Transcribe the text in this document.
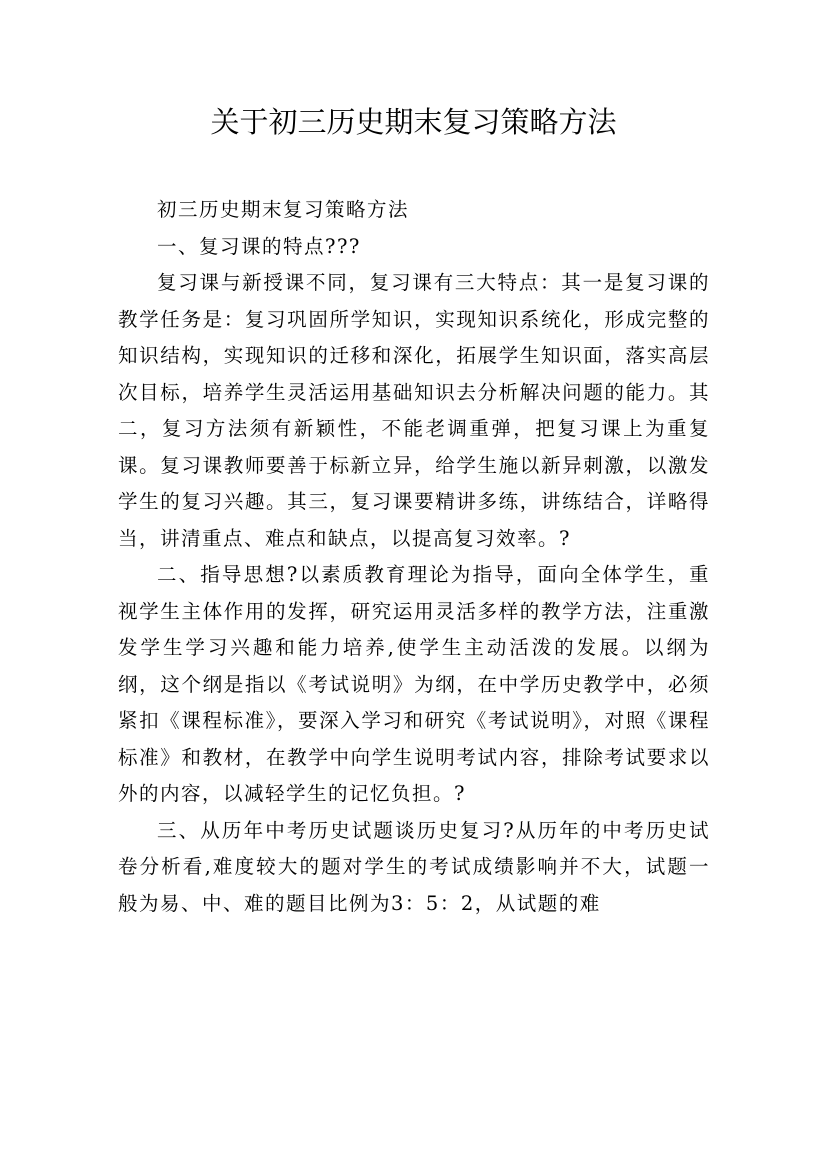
关于初三历史期末复习策略方法

初三历史期末复习策略方法

一、复习课的特点???

复习课与新授课不同，复习课有三大特点：其一是复习课的教学任务是：复习巩固所学知识，实现知识系统化，形成完整的知识结构，实现知识的迁移和深化，拓展学生知识面，落实高层次目标，培养学生灵活运用基础知识去分析解决问题的能力。其二，复习方法须有新颖性，不能老调重弹，把复习课上为重复课。复习课教师要善于标新立异，给学生施以新异刺激，以激发学生的复习兴趣。其三，复习课要精讲多练，讲练结合，详略得当，讲清重点、难点和缺点，以提高复习效率。?

二、指导思想?以素质教育理论为指导，面向全体学生，重视学生主体作用的发挥，研究运用灵活多样的教学方法，注重激发学生学习兴趣和能力培养,使学生主动活泼的发展。以纲为纲，这个纲是指以《考试说明》为纲，在中学历史教学中，必须紧扣《课程标准》，要深入学习和研究《考试说明》，对照《课程标准》和教材，在教学中向学生说明考试内容，排除考试要求以外的内容，以减轻学生的记忆负担。?

三、从历年中考历史试题谈历史复习?从历年的中考历史试卷分析看,难度较大的题对学生的考试成绩影响并不大，试题一般为易、中、难的题目比例为3：5：2，从试题的难
